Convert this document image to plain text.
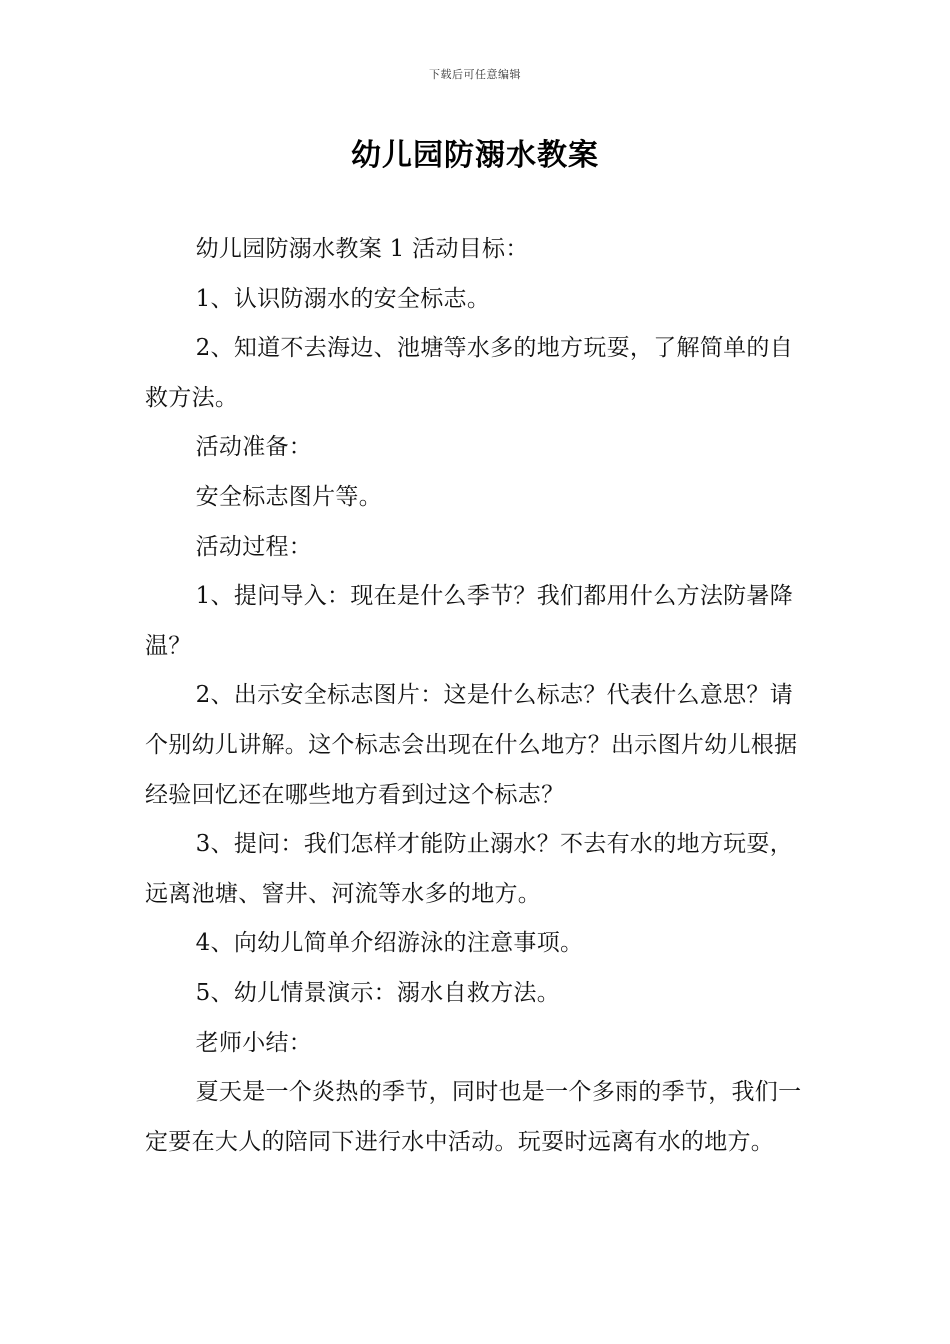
下载后可任意编辑
幼儿园防溺水教案

幼儿园防溺水教案 1 活动目标：

1、认识防溺水的安全标志。

2、知道不去海边、池塘等水多的地方玩耍，了解简单的自救方法。

活动准备：

安全标志图片等。

活动过程：

1、提问导入：现在是什么季节？我们都用什么方法防暑降温？

2、出示安全标志图片：这是什么标志？代表什么意思？请个别幼儿讲解。这个标志会出现在什么地方？出示图片幼儿根据经验回忆还在哪些地方看到过这个标志？

3、提问：我们怎样才能防止溺水？不去有水的地方玩耍，远离池塘、窨井、河流等水多的地方。

4、向幼儿简单介绍游泳的注意事项。

5、幼儿情景演示：溺水自救方法。

老师小结：

夏天是一个炎热的季节，同时也是一个多雨的季节，我们一定要在大人的陪同下进行水中活动。玩耍时远离有水的地方。
